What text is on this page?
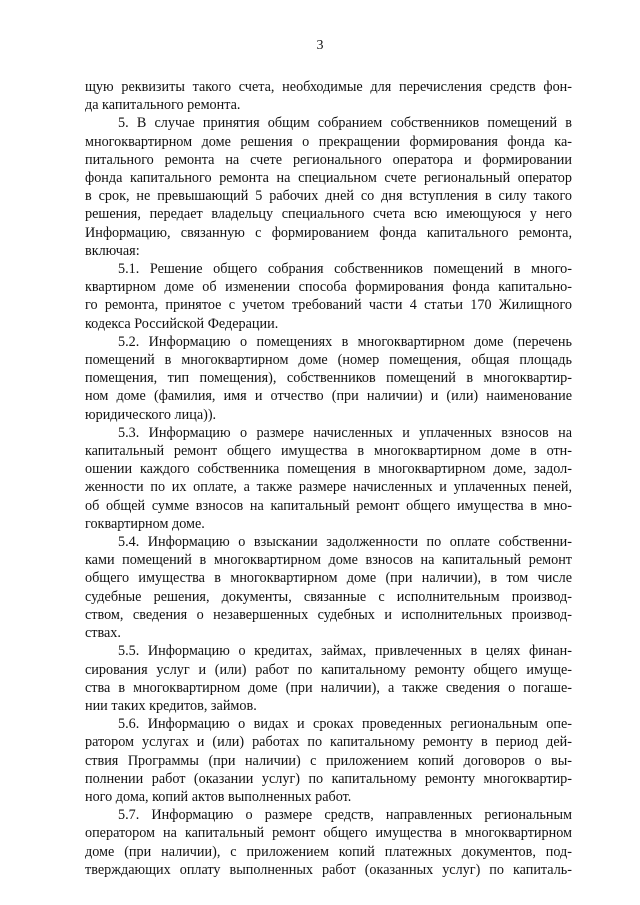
3
щую реквизиты такого счета, необходимые для перечисления средств фон-
да капитального ремонта.
5. В случае принятия общим собранием собственников помещений в
многоквартирном доме решения о прекращении формирования фонда ка-
питального ремонта на счете регионального оператора и формировании
фонда капитального ремонта на специальном счете региональный оператор
в срок, не превышающий 5 рабочих дней со дня вступления в силу такого
решения, передает владельцу специального счета всю имеющуюся у него
Информацию, связанную с формированием фонда капитального ремонта,
включая:
5.1. Решение общего собрания собственников помещений в много-
квартирном доме об изменении способа формирования фонда капитально-
го ремонта, принятое с учетом требований части 4 статьи 170 Жилищного
кодекса Российской Федерации.
5.2. Информацию о помещениях в многоквартирном доме (перечень
помещений в многоквартирном доме (номер помещения, общая площадь
помещения, тип помещения), собственников помещений в многоквартир-
ном доме (фамилия, имя и отчество (при наличии) и (или) наименование
юридического лица)).
5.3. Информацию о размере начисленных и уплаченных взносов на
капитальный ремонт общего имущества в многоквартирном доме в отн-
ошении каждого собственника помещения в многоквартирном доме, задол-
женности по их оплате, а также размере начисленных и уплаченных пеней,
об общей сумме взносов на капитальный ремонт общего имущества в мно-
гоквартирном доме.
5.4. Информацию о взыскании задолженности по оплате собственни-
ками помещений в многоквартирном доме взносов на капитальный ремонт
общего имущества в многоквартирном доме (при наличии), в том числе
судебные решения, документы, связанные с исполнительным производ-
ством, сведения о незавершенных судебных и исполнительных производ-
ствах.
5.5. Информацию о кредитах, займах, привлеченных в целях финан-
сирования услуг и (или) работ по капитальному ремонту общего имуще-
ства в многоквартирном доме (при наличии), а также сведения о погаше-
нии таких кредитов, займов.
5.6. Информацию о видах и сроках проведенных региональным опе-
ратором услугах и (или) работах по капитальному ремонту в период дей-
ствия Программы (при наличии) с приложением копий договоров о вы-
полнении работ (оказании услуг) по капитальному ремонту многоквартир-
ного дома, копий актов выполненных работ.
5.7. Информацию о размере средств, направленных региональным
оператором на капитальный ремонт общего имущества в многоквартирном
доме (при наличии), с приложением копий платежных документов, под-
тверждающих оплату выполненных работ (оказанных услуг) по капиталь-
